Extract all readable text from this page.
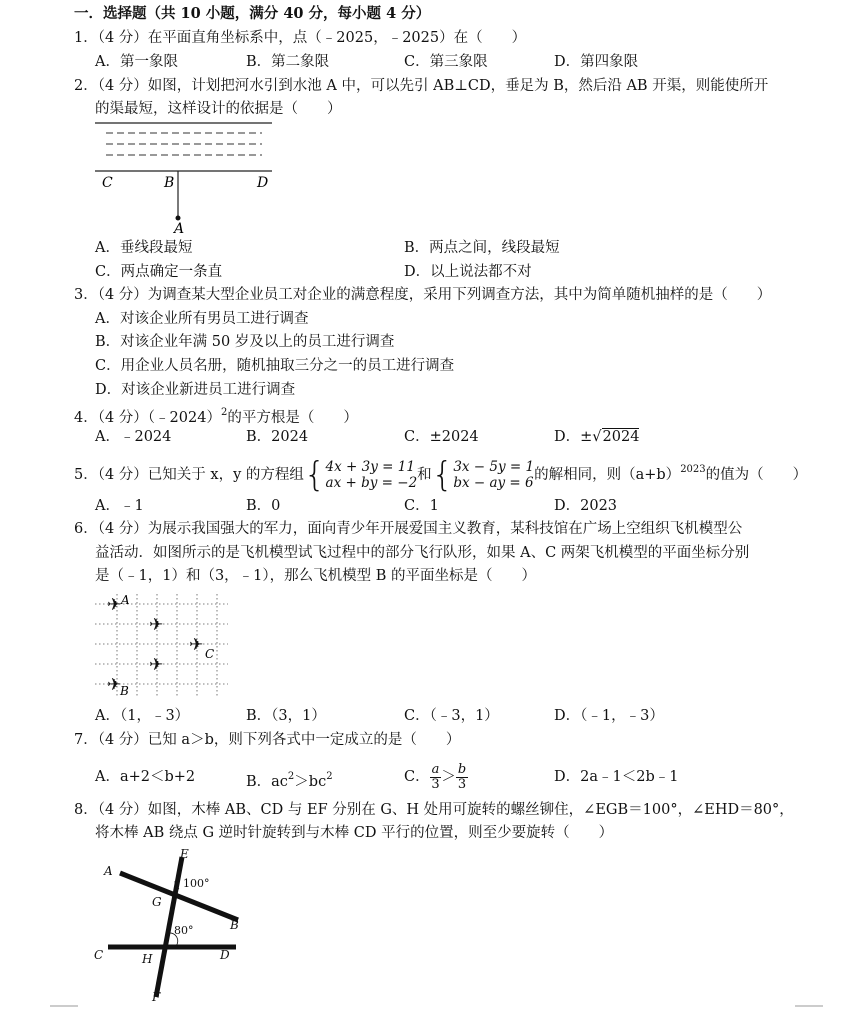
一．选择题（共 10 小题，满分 40 分，每小题 4 分）
1．（4 分）在平面直角坐标系中，点（﹣2025，﹣2025）在（　　）
A．第一象限	B．第二象限	C．第三象限	D．第四象限
2．（4 分）如图，计划把河水引到水池 A 中，可以先引 AB⊥CD，垂足为 B，然后沿 AB 开渠，则能使所开
的渠最短，这样设计的依据是（　　）
C	B	D
A
A．垂线段最短	B．两点之间，线段最短
C．两点确定一条直	D．以上说法都不对
3．（4 分）为调查某大型企业员工对企业的满意程度，采用下列调查方法，其中为简单随机抽样的是（　　）
A．对该企业所有男员工进行调查
B．对该企业年满 50 岁及以上的员工进行调查
C．用企业人员名册，随机抽取三分之一的员工进行调查
D．对该企业新进员工进行调查
4．（4 分）（﹣2024）$^2$的平方根是（　　）
A．﹣2024	B．2024	C．±2024	D．±√2024
5．（4 分）已知关于 x，y 的方程组{ 4x + 3y = 11
ax + by = −2 和{ 3x − 5y = 1
bx − ay = 6 的解相同，则$(a+b)^{2023}$的值为（　　）
A．﹣1	B．0	C．1	D．2023
6．（4 分）为展示我国强大的军力，面向青少年开展爱国主义教育，某科技馆在广场上空组织飞机模型公
益活动．如图所示的是飞机模型试飞过程中的部分飞行队形，如果 A、C 两架飞机模型的平面坐标分别
是（﹣1，1）和（3，﹣1），那么飞机模型 B 的平面坐标是（　　）
✈
✈
✈
✈
✈
A
C
B
A．（1，﹣3）	B．（3，1）	C．（﹣3，1）	D．（﹣1，﹣3）
7．（4 分）已知 a＞b，则下列各式中一定成立的是（　　）
A．a+2＜b+2	B．$ac^2>bc^2$	C． $\frac{a}{3} > \frac{b}{3}$	D．2a﹣1＜2b﹣1
8．（4 分）如图，木棒 AB、CD 与 EF 分别在 G、H 处用可旋转的螺丝铆住，∠EGB＝100°，∠EHD＝80°，
将木棒 AB 绕点 G 逆时针旋转到与木棒 CD 平行的位置，则至少要旋转（　　）
E
A
G
B
C	H	D
F
100°
80°
